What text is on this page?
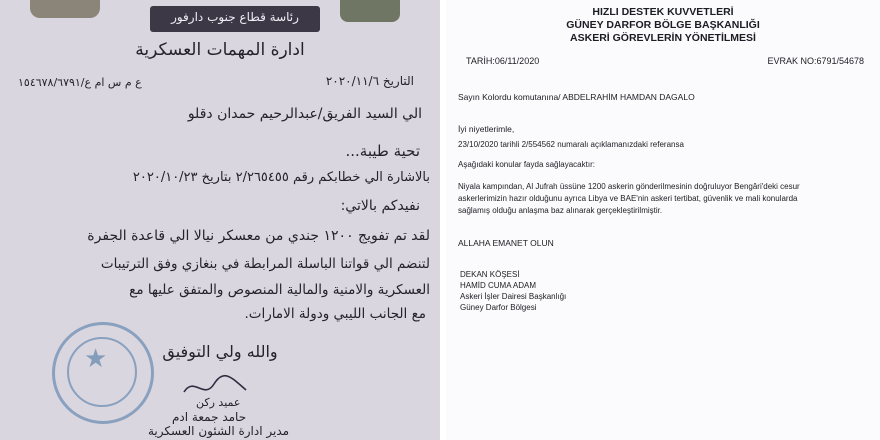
رئاسة قطاع جنوب دارفور
ادارة المهمات العسكرية
ع م س ام ع/١٥٤٦٧٨/٦٧٩١	التاريخ ٢٠٢٠/١١/٦
الي السيد الفريق/عبدالرحيم حمدان دقلو
تحية طيبة...
بالاشارة الي خطابكم رقم ٢/٢٦٥٤٥٥ بتاريخ ٢٠٢٠/١٠/٢٣
نفيدكم بالاتي:
لقد تم تفويج ١٢٠٠ جندي من معسكر نيالا الي قاعدة الجفرة
لتنضم الي قواتنا الباسلة المرابطة في بنغازي وفق الترتيبات
العسكرية والامنية والمالية المنصوص والمتفق عليها مع
مع الجانب الليبي ودولة الامارات.
والله ولي التوفيق
★
عميد ركن
حامد جمعة ادم
مدير ادارة الشئون العسكرية
HIZLI DESTEK KUVVETLERİ
GÜNEY DARFOR BÖLGE BAŞKANLIĞI
ASKERİ GÖREVLERİN YÖNETİLMESİ
TARİH:06/11/2020	EVRAK NO:6791/54678
Sayın Kolordu komutanına/ ABDELRAHİM HAMDAN DAGALO
İyi niyetlerimle,
23/10/2020 tarihli 2/554562 numaralı açıklamanızdaki referansa
Aşağıdaki konular fayda sağlayacaktır:
Niyala kampından, Al Jufrah üssüne 1200 askerin gönderilmesinin doğruluyor Bengâri'deki cesur
askerlerimizin hazır olduğunu ayrıca Libya ve BAE'nin askeri tertibat, güvenlik ve mali konularda
sağlamış olduğu anlaşma baz alınarak gerçekleştirilmiştir.
ALLAHA EMANET OLUN
DEKAN KÖŞESİ
HAMİD CUMA ADAM
Askeri İşler Dairesi Başkanlığı
Güney Darfor Bölgesi
